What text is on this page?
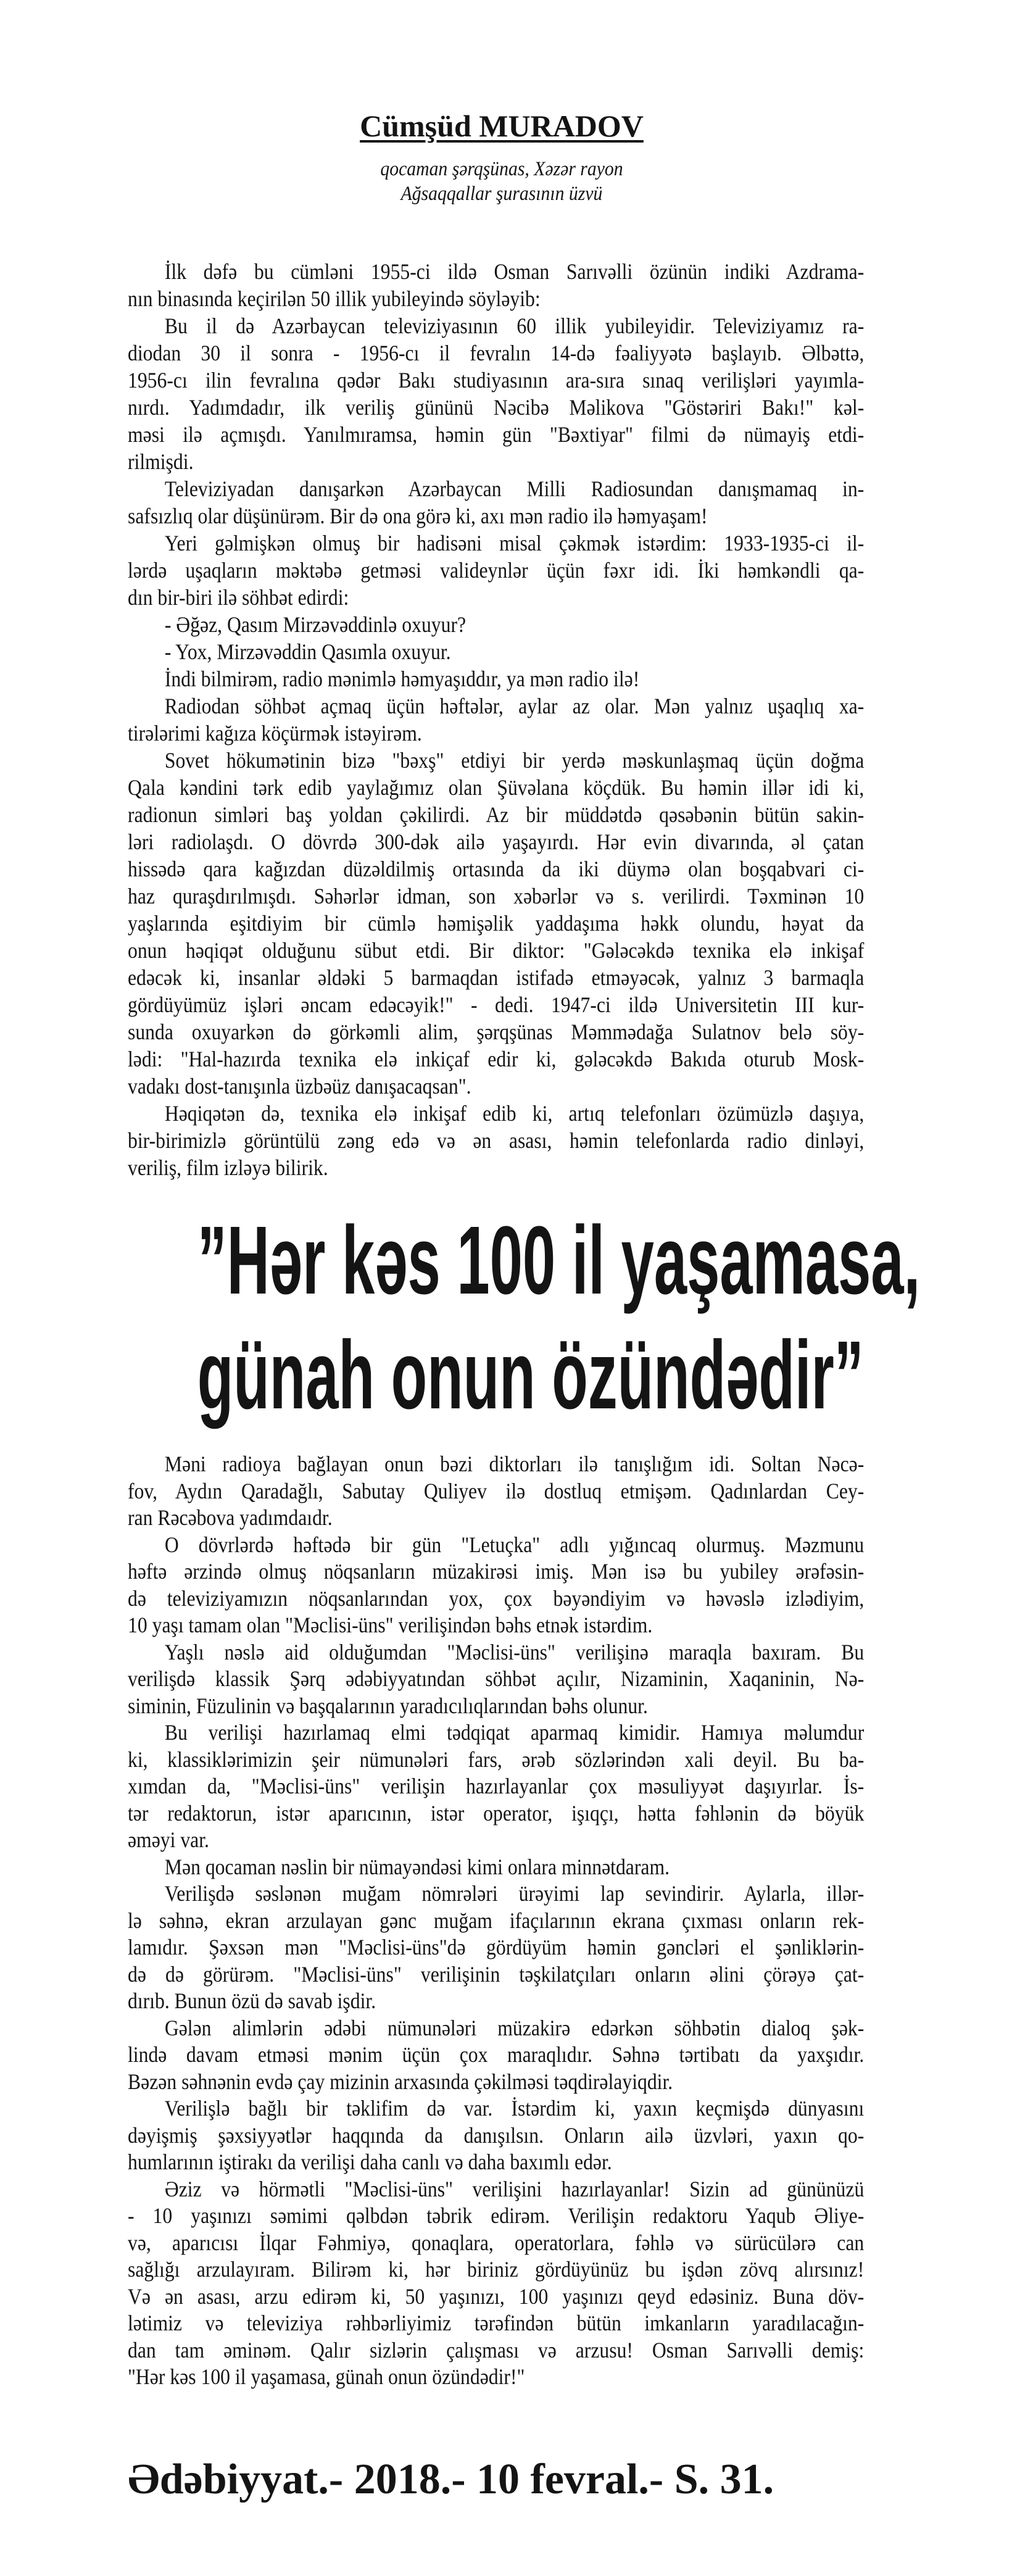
Cümşüd MURADOV
qocaman şərqşünas, Xəzər rayon
Ağsaqqallar şurasının üzvü
İlk dəfə bu cümləni 1955-ci ildə Osman Sarıvəlli özünün indiki Azdrama-
nın binasında keçirilən 50 illik yubileyində söyləyib:
Bu il də Azərbaycan televiziyasının 60 illik yubileyidir. Televiziyamız ra-
diodan 30 il sonra - 1956-cı il fevralın 14-də fəaliyyətə başlayıb. Əlbəttə,
1956-cı ilin fevralına qədər Bakı studiyasının ara-sıra sınaq verilişləri yayımla-
nırdı. Yadımdadır, ilk veriliş gününü Nəcibə Məlikova "Göstəriri Bakı!" kəl-
məsi ilə açmışdı. Yanılmıramsa, həmin gün "Bəxtiyar" filmi də nümayiş etdi-
rilmişdi.
Televiziyadan danışarkən Azərbaycan Milli Radiosundan danışmamaq in-
safsızlıq olar düşünürəm. Bir də ona görə ki, axı mən radio ilə həmyaşam!
Yeri gəlmişkən olmuş bir hadisəni misal çəkmək istərdim: 1933-1935-ci il-
lərdə uşaqların məktəbə getməsi valideynlər üçün fəxr idi. İki həmkəndli qa-
dın bir-biri ilə söhbət edirdi:
- Əğəz, Qasım Mirzəvəddinlə oxuyur?
- Yox, Mirzəvəddin Qasımla oxuyur.
İndi bilmirəm, radio mənimlə həmyaşıddır, ya mən radio ilə!
Radiodan söhbət açmaq üçün həftələr, aylar az olar. Mən yalnız uşaqlıq xa-
tirələrimi kağıza köçürmək istəyirəm.
Sovet hökumətinin bizə "bəxş" etdiyi bir yerdə məskunlaşmaq üçün doğma
Qala kəndini tərk edib yaylağımız olan Şüvəlana köçdük. Bu həmin illər idi ki,
radionun simləri baş yoldan çəkilirdi. Az bir müddətdə qəsəbənin bütün sakin-
ləri radiolaşdı. O dövrdə 300-dək ailə yaşayırdı. Hər evin divarında, əl çatan
hissədə qara kağızdan düzəldilmiş ortasında da iki düymə olan boşqabvari ci-
haz quraşdırılmışdı. Səhərlər idman, son xəbərlər və s. verilirdi. Təxminən 10
yaşlarında eşitdiyim bir cümlə həmişəlik yaddaşıma həkk olundu, həyat da
onun həqiqət olduğunu sübut etdi. Bir diktor: "Gələcəkdə texnika elə inkişaf
edəcək ki, insanlar əldəki 5 barmaqdan istifadə etməyəcək, yalnız 3 barmaqla
gördüyümüz işləri əncam edəcəyik!" - dedi. 1947-ci ildə Universitetin III kur-
sunda oxuyarkən də görkəmli alim, şərqşünas Məmmədağa Sulatnov belə söy-
lədi: "Hal-hazırda texnika elə inkiçaf edir ki, gələcəkdə Bakıda oturub Mosk-
vadakı dost-tanışınla üzbəüz danışacaqsan".
Həqiqətən də, texnika elə inkişaf edib ki, artıq telefonları özümüzlə daşıya,
bir-birimizlə görüntülü zəng edə və ən asası, həmin telefonlarda radio dinləyi,
veriliş, film izləyə bilirik.
”Hər kəs 100 il yaşamasa,
günah onun özündədir”
Məni radioya bağlayan onun bəzi diktorları ilə tanışlığım idi. Soltan Nəcə-
fov, Aydın Qaradağlı, Sabutay Quliyev ilə dostluq etmişəm. Qadınlardan Cey-
ran Rəcəbova yadımdaıdr.
O dövrlərdə həftədə bir gün "Letuçka" adlı yığıncaq olurmuş. Məzmunu
həftə ərzində olmuş nöqsanların müzakirəsi imiş. Mən isə bu yubiley ərəfəsin-
də televiziyamızın nöqsanlarından yox, çox bəyəndiyim və həvəslə izlədiyim,
10 yaşı tamam olan "Məclisi-üns" verilişindən bəhs etnək istərdim.
Yaşlı nəslə aid olduğumdan "Məclisi-üns" verilişinə maraqla baxıram. Bu
verilişdə klassik Şərq ədəbiyyatından söhbət açılır, Nizaminin, Xaqaninin, Nə-
siminin, Füzulinin və başqalarının yaradıcılıqlarından bəhs olunur.
Bu verilişi hazırlamaq elmi tədqiqat aparmaq kimidir. Hamıya məlumdur
ki, klassiklərimizin şeir nümunələri fars, ərəb sözlərindən xali deyil. Bu ba-
xımdan da, "Məclisi-üns" verilişin hazırlayanlar çox məsuliyyət daşıyırlar. İs-
tər redaktorun, istər aparıcının, istər operator, işıqçı, hətta fəhlənin də böyük
əməyi var.
Mən qocaman nəslin bir nümayəndəsi kimi onlara minnətdaram.
Verilişdə səslənən muğam nömrələri ürəyimi lap sevindirir. Aylarla, illər-
lə səhnə, ekran arzulayan gənc muğam ifaçılarının ekrana çıxması onların rek-
lamıdır. Şəxsən mən "Məclisi-üns"də gördüyüm həmin gəncləri el şənliklərin-
də də görürəm. "Məclisi-üns" verilişinin təşkilatçıları onların əlini çörəyə çat-
dırıb. Bunun özü də savab işdir.
Gələn alimlərin ədəbi nümunələri müzakirə edərkən söhbətin dialoq şək-
lində davam etməsi mənim üçün çox maraqlıdır. Səhnə tərtibatı da yaxşıdır.
Bəzən səhnənin evdə çay mizinin arxasında çəkilməsi təqdirəlayiqdir.
Verilişlə bağlı bir təklifim də var. İstərdim ki, yaxın keçmişdə dünyasını
dəyişmiş şəxsiyyətlər haqqında da danışılsın. Onların ailə üzvləri, yaxın qo-
humlarının iştirakı da verilişi daha canlı və daha baxımlı edər.
Əziz və hörmətli "Məclisi-üns" verilişini hazırlayanlar! Sizin ad gününüzü
- 10 yaşınızı səmimi qəlbdən təbrik edirəm. Verilişin redaktoru Yaqub Əliye-
və, aparıcısı İlqar Fəhmiyə, qonaqlara, operatorlara, fəhlə və sürücülərə can
sağlığı arzulayıram. Bilirəm ki, hər biriniz gördüyünüz bu işdən zövq alırsınız!
Və ən asası, arzu edirəm ki, 50 yaşınızı, 100 yaşınızı qeyd edəsiniz. Buna döv-
lətimiz və televiziya rəhbərliyimiz tərəfindən bütün imkanların yaradılacağın-
dan tam əminəm. Qalır sizlərin çalışması və arzusu! Osman Sarıvəlli demiş:
"Hər kəs 100 il yaşamasa, günah onun özündədir!"
Ədəbiyyat.- 2018.- 10 fevral.- S. 31.
